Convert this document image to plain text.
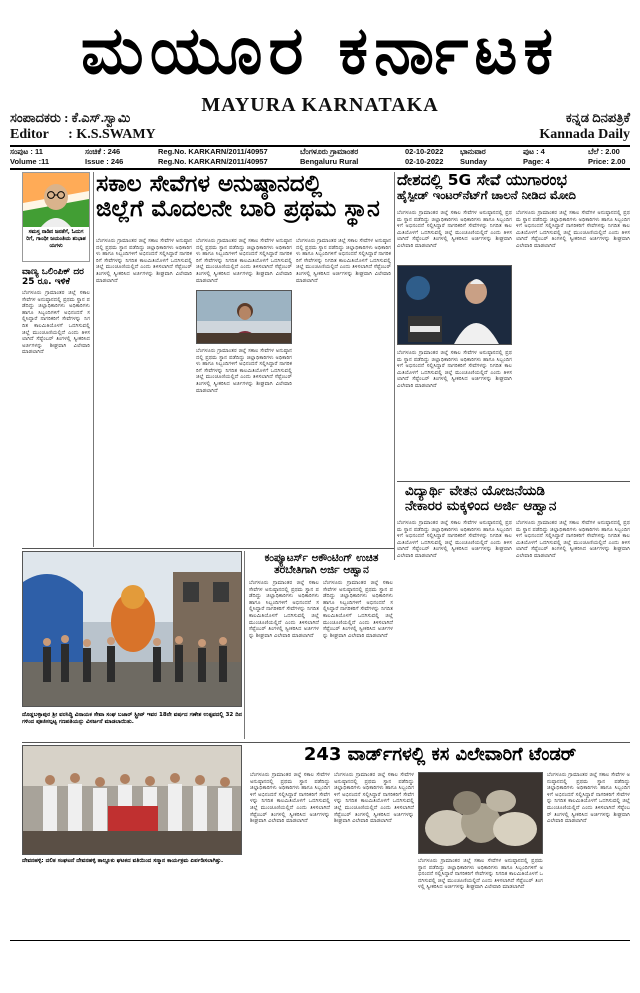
ಮಯೂರ ಕರ್ನಾಟಕ
MAYURA KARNATAKA
ಸಂಪಾದಕರು : ಕೆ.ಎಸ್.ಸ್ವಾಮಿ	ಕನ್ನಡ ದಿನಪತ್ರಿಕೆ
Editor : K.S.SWAMY	Kannada Daily
ಸಂಪುಟ : 11	ಸಂಚಿಕೆ : 246	Reg.No. KARKARN/2011/40957	ಬೆಂಗಳೂರು ಗ್ರಾಮಾಂತರ	02-10-2022 ಭಾನುವಾರ	ಪುಟ : 4	ಬೆಲೆ : 2.00
Volume :11	Issue : 246	Reg.No. KARKARN/2011/40957	Bengaluru Rural	02-10-2022 Sunday	Page: 4	Price: 2.00
ಸಮಸ್ತ ನಾಡಿನ ಜನತೆಗೆ, ಓದುಗರಿಗೆ, ಗಾಂಧೀ ಜಯಂತಿಯ ಶುಭಾಶಯಗಳು
ಸಕಾಲ ಸೇವೆಗಳ ಅನುಷ್ಠಾನದಲ್ಲಿ
ಜಿಲ್ಲೆಗೆ ಮೊದಲನೇ ಬಾರಿ ಪ್ರಥಮ ಸ್ಥಾನ
ದೇಶದಲ್ಲಿ 5G ಸೇವೆ ಯುಗಾರಂಭ
ಹೈಸ್ಪೀಡ್ ಇಂಟರ್‌ನೆಟ್‌ಗೆ ಚಾಲನೆ ನೀಡಿದ ಮೋದಿ
ವಾಣ್ಯ ಒಲಿಂಪಿಕ್ ದರ 25 ರೂ. ಇಳಿಕೆ
ಬೆಂಗಳೂರು ಗ್ರಾಮಾಂತರ ಜಿಲ್ಲೆ ಸಕಾಲ ಸೇವೆಗಳ ಅನುಷ್ಠಾನದಲ್ಲಿ ಪ್ರಥಮ ಸ್ಥಾನ ಪಡೆದಿದ್ದು ಜಿಲ್ಲಾಧಿಕಾರಿಗಳು ಅಧಿಕಾರಿಗಳು ಹಾಗೂ ಸಿಬ್ಬಂದಿಗಳಿಗೆ ಅಭಿನಂದನೆ ಸಲ್ಲಿಸಿದ್ದಾರೆ ನಾಗರಿಕರಿಗೆ ಸೇವೆಗಳನ್ನು ನಿಗದಿತ ಕಾಲಮಿತಿಯೊಳಗೆ ಒದಗಿಸುವಲ್ಲಿ ಜಿಲ್ಲೆ ಮುಂಚೂಣಿಯಲ್ಲಿದೆ ಎಂದು ತಿಳಿಸಲಾಗಿದೆ ಸೆಪ್ಟೆಂಬರ್ ತಿಂಗಳಲ್ಲಿ ಸ್ವೀಕರಿಸಿದ ಅರ್ಜಿಗಳನ್ನು ಶೀಘ್ರವಾಗಿ ವಿಲೇವಾರಿ ಮಾಡಲಾಗಿದೆ
ಬೆಂಗಳೂರು ಗ್ರಾಮಾಂತರ ಜಿಲ್ಲೆ ಸಕಾಲ ಸೇವೆಗಳ ಅನುಷ್ಠಾನದಲ್ಲಿ ಪ್ರಥಮ ಸ್ಥಾನ ಪಡೆದಿದ್ದು ಜಿಲ್ಲಾಧಿಕಾರಿಗಳು ಅಧಿಕಾರಿಗಳು ಹಾಗೂ ಸಿಬ್ಬಂದಿಗಳಿಗೆ ಅಭಿನಂದನೆ ಸಲ್ಲಿಸಿದ್ದಾರೆ ನಾಗರಿಕರಿಗೆ ಸೇವೆಗಳನ್ನು ನಿಗದಿತ ಕಾಲಮಿತಿಯೊಳಗೆ ಒದಗಿಸುವಲ್ಲಿ ಜಿಲ್ಲೆ ಮುಂಚೂಣಿಯಲ್ಲಿದೆ ಎಂದು ತಿಳಿಸಲಾಗಿದೆ ಸೆಪ್ಟೆಂಬರ್ ತಿಂಗಳಲ್ಲಿ ಸ್ವೀಕರಿಸಿದ ಅರ್ಜಿಗಳನ್ನು ಶೀಘ್ರವಾಗಿ ವಿಲೇವಾರಿ ಮಾಡಲಾಗಿದೆ
ಬೆಂಗಳೂರು ಗ್ರಾಮಾಂತರ ಜಿಲ್ಲೆ ಸಕಾಲ ಸೇವೆಗಳ ಅನುಷ್ಠಾನದಲ್ಲಿ ಪ್ರಥಮ ಸ್ಥಾನ ಪಡೆದಿದ್ದು ಜಿಲ್ಲಾಧಿಕಾರಿಗಳು ಅಧಿಕಾರಿಗಳು ಹಾಗೂ ಸಿಬ್ಬಂದಿಗಳಿಗೆ ಅಭಿನಂದನೆ ಸಲ್ಲಿಸಿದ್ದಾರೆ ನಾಗರಿಕರಿಗೆ ಸೇವೆಗಳನ್ನು ನಿಗದಿತ ಕಾಲಮಿತಿಯೊಳಗೆ ಒದಗಿಸುವಲ್ಲಿ ಜಿಲ್ಲೆ ಮುಂಚೂಣಿಯಲ್ಲಿದೆ ಎಂದು ತಿಳಿಸಲಾಗಿದೆ ಸೆಪ್ಟೆಂಬರ್ ತಿಂಗಳಲ್ಲಿ ಸ್ವೀಕರಿಸಿದ ಅರ್ಜಿಗಳನ್ನು ಶೀಘ್ರವಾಗಿ ವಿಲೇವಾರಿ ಮಾಡಲಾಗಿದೆ
ಬೆಂಗಳೂರು ಗ್ರಾಮಾಂತರ ಜಿಲ್ಲೆ ಸಕಾಲ ಸೇವೆಗಳ ಅನುಷ್ಠಾನದಲ್ಲಿ ಪ್ರಥಮ ಸ್ಥಾನ ಪಡೆದಿದ್ದು ಜಿಲ್ಲಾಧಿಕಾರಿಗಳು ಅಧಿಕಾರಿಗಳು ಹಾಗೂ ಸಿಬ್ಬಂದಿಗಳಿಗೆ ಅಭಿನಂದನೆ ಸಲ್ಲಿಸಿದ್ದಾರೆ ನಾಗರಿಕರಿಗೆ ಸೇವೆಗಳನ್ನು ನಿಗದಿತ ಕಾಲಮಿತಿಯೊಳಗೆ ಒದಗಿಸುವಲ್ಲಿ ಜಿಲ್ಲೆ ಮುಂಚೂಣಿಯಲ್ಲಿದೆ ಎಂದು ತಿಳಿಸಲಾಗಿದೆ ಸೆಪ್ಟೆಂಬರ್ ತಿಂಗಳಲ್ಲಿ ಸ್ವೀಕರಿಸಿದ ಅರ್ಜಿಗಳನ್ನು ಶೀಘ್ರವಾಗಿ ವಿಲೇವಾರಿ ಮಾಡಲಾಗಿದೆ
ಬೆಂಗಳೂರು ಗ್ರಾಮಾಂತರ ಜಿಲ್ಲೆ ಸಕಾಲ ಸೇವೆಗಳ ಅನುಷ್ಠಾನದಲ್ಲಿ ಪ್ರಥಮ ಸ್ಥಾನ ಪಡೆದಿದ್ದು ಜಿಲ್ಲಾಧಿಕಾರಿಗಳು ಅಧಿಕಾರಿಗಳು ಹಾಗೂ ಸಿಬ್ಬಂದಿಗಳಿಗೆ ಅಭಿನಂದನೆ ಸಲ್ಲಿಸಿದ್ದಾರೆ ನಾಗರಿಕರಿಗೆ ಸೇವೆಗಳನ್ನು ನಿಗದಿತ ಕಾಲಮಿತಿಯೊಳಗೆ ಒದಗಿಸುವಲ್ಲಿ ಜಿಲ್ಲೆ ಮುಂಚೂಣಿಯಲ್ಲಿದೆ ಎಂದು ತಿಳಿಸಲಾಗಿದೆ ಸೆಪ್ಟೆಂಬರ್ ತಿಂಗಳಲ್ಲಿ ಸ್ವೀಕರಿಸಿದ ಅರ್ಜಿಗಳನ್ನು ಶೀಘ್ರವಾಗಿ ವಿಲೇವಾರಿ ಮಾಡಲಾಗಿದೆ
ಬೆಂಗಳೂರು ಗ್ರಾಮಾಂತರ ಜಿಲ್ಲೆ ಸಕಾಲ ಸೇವೆಗಳ ಅನುಷ್ಠಾನದಲ್ಲಿ ಪ್ರಥಮ ಸ್ಥಾನ ಪಡೆದಿದ್ದು ಜಿಲ್ಲಾಧಿಕಾರಿಗಳು ಅಧಿಕಾರಿಗಳು ಹಾಗೂ ಸಿಬ್ಬಂದಿಗಳಿಗೆ ಅಭಿನಂದನೆ ಸಲ್ಲಿಸಿದ್ದಾರೆ ನಾಗರಿಕರಿಗೆ ಸೇವೆಗಳನ್ನು ನಿಗದಿತ ಕಾಲಮಿತಿಯೊಳಗೆ ಒದಗಿಸುವಲ್ಲಿ ಜಿಲ್ಲೆ ಮುಂಚೂಣಿಯಲ್ಲಿದೆ ಎಂದು ತಿಳಿಸಲಾಗಿದೆ ಸೆಪ್ಟೆಂಬರ್ ತಿಂಗಳಲ್ಲಿ ಸ್ವೀಕರಿಸಿದ ಅರ್ಜಿಗಳನ್ನು ಶೀಘ್ರವಾಗಿ ವಿಲೇವಾರಿ ಮಾಡಲಾಗಿದೆ
ಬೆಂಗಳೂರು ಗ್ರಾಮಾಂತರ ಜಿಲ್ಲೆ ಸಕಾಲ ಸೇವೆಗಳ ಅನುಷ್ಠಾನದಲ್ಲಿ ಪ್ರಥಮ ಸ್ಥಾನ ಪಡೆದಿದ್ದು ಜಿಲ್ಲಾಧಿಕಾರಿಗಳು ಅಧಿಕಾರಿಗಳು ಹಾಗೂ ಸಿಬ್ಬಂದಿಗಳಿಗೆ ಅಭಿನಂದನೆ ಸಲ್ಲಿಸಿದ್ದಾರೆ ನಾಗರಿಕರಿಗೆ ಸೇವೆಗಳನ್ನು ನಿಗದಿತ ಕಾಲಮಿತಿಯೊಳಗೆ ಒದಗಿಸುವಲ್ಲಿ ಜಿಲ್ಲೆ ಮುಂಚೂಣಿಯಲ್ಲಿದೆ ಎಂದು ತಿಳಿಸಲಾಗಿದೆ ಸೆಪ್ಟೆಂಬರ್ ತಿಂಗಳಲ್ಲಿ ಸ್ವೀಕರಿಸಿದ ಅರ್ಜಿಗಳನ್ನು ಶೀಘ್ರವಾಗಿ ವಿಲೇವಾರಿ ಮಾಡಲಾಗಿದೆ
ಬೆಂಗಳೂರು ಗ್ರಾಮಾಂತರ ಜಿಲ್ಲೆ ಸಕಾಲ ಸೇವೆಗಳ ಅನುಷ್ಠಾನದಲ್ಲಿ ಪ್ರಥಮ ಸ್ಥಾನ ಪಡೆದಿದ್ದು ಜಿಲ್ಲಾಧಿಕಾರಿಗಳು ಅಧಿಕಾರಿಗಳು ಹಾಗೂ ಸಿಬ್ಬಂದಿಗಳಿಗೆ ಅಭಿನಂದನೆ ಸಲ್ಲಿಸಿದ್ದಾರೆ ನಾಗರಿಕರಿಗೆ ಸೇವೆಗಳನ್ನು ನಿಗದಿತ ಕಾಲಮಿತಿಯೊಳಗೆ ಒದಗಿಸುವಲ್ಲಿ ಜಿಲ್ಲೆ ಮುಂಚೂಣಿಯಲ್ಲಿದೆ ಎಂದು ತಿಳಿಸಲಾಗಿದೆ ಸೆಪ್ಟೆಂಬರ್ ತಿಂಗಳಲ್ಲಿ ಸ್ವೀಕರಿಸಿದ ಅರ್ಜಿಗಳನ್ನು ಶೀಘ್ರವಾಗಿ ವಿಲೇವಾರಿ ಮಾಡಲಾಗಿದೆ
ವಿದ್ಯಾರ್ಥಿ ವೇತನ ಯೋಜನೆಯಡಿ
ನೇಕಾರರ ಮಕ್ಕಳಿಂದ ಅರ್ಜಿ ಆಹ್ವಾನ
ಬೆಂಗಳೂರು ಗ್ರಾಮಾಂತರ ಜಿಲ್ಲೆ ಸಕಾಲ ಸೇವೆಗಳ ಅನುಷ್ಠಾನದಲ್ಲಿ ಪ್ರಥಮ ಸ್ಥಾನ ಪಡೆದಿದ್ದು ಜಿಲ್ಲಾಧಿಕಾರಿಗಳು ಅಧಿಕಾರಿಗಳು ಹಾಗೂ ಸಿಬ್ಬಂದಿಗಳಿಗೆ ಅಭಿನಂದನೆ ಸಲ್ಲಿಸಿದ್ದಾರೆ ನಾಗರಿಕರಿಗೆ ಸೇವೆಗಳನ್ನು ನಿಗದಿತ ಕಾಲಮಿತಿಯೊಳಗೆ ಒದಗಿಸುವಲ್ಲಿ ಜಿಲ್ಲೆ ಮುಂಚೂಣಿಯಲ್ಲಿದೆ ಎಂದು ತಿಳಿಸಲಾಗಿದೆ ಸೆಪ್ಟೆಂಬರ್ ತಿಂಗಳಲ್ಲಿ ಸ್ವೀಕರಿಸಿದ ಅರ್ಜಿಗಳನ್ನು ಶೀಘ್ರವಾಗಿ ವಿಲೇವಾರಿ ಮಾಡಲಾಗಿದೆ
ಬೆಂಗಳೂರು ಗ್ರಾಮಾಂತರ ಜಿಲ್ಲೆ ಸಕಾಲ ಸೇವೆಗಳ ಅನುಷ್ಠಾನದಲ್ಲಿ ಪ್ರಥಮ ಸ್ಥಾನ ಪಡೆದಿದ್ದು ಜಿಲ್ಲಾಧಿಕಾರಿಗಳು ಅಧಿಕಾರಿಗಳು ಹಾಗೂ ಸಿಬ್ಬಂದಿಗಳಿಗೆ ಅಭಿನಂದನೆ ಸಲ್ಲಿಸಿದ್ದಾರೆ ನಾಗರಿಕರಿಗೆ ಸೇವೆಗಳನ್ನು ನಿಗದಿತ ಕಾಲಮಿತಿಯೊಳಗೆ ಒದಗಿಸುವಲ್ಲಿ ಜಿಲ್ಲೆ ಮುಂಚೂಣಿಯಲ್ಲಿದೆ ಎಂದು ತಿಳಿಸಲಾಗಿದೆ ಸೆಪ್ಟೆಂಬರ್ ತಿಂಗಳಲ್ಲಿ ಸ್ವೀಕರಿಸಿದ ಅರ್ಜಿಗಳನ್ನು ಶೀಘ್ರವಾಗಿ ವಿಲೇವಾರಿ ಮಾಡಲಾಗಿದೆ
ಕಂಪ್ಯೂಟರ್ಸ್ ಅಕೌಂಟಿಂಗ್ ಉಚಿತ
ತರಬೇತಿಗಾಗಿ ಅರ್ಜಿ ಆಹ್ವಾನ
ಬೆಂಗಳೂರು ಗ್ರಾಮಾಂತರ ಜಿಲ್ಲೆ ಸಕಾಲ ಸೇವೆಗಳ ಅನುಷ್ಠಾನದಲ್ಲಿ ಪ್ರಥಮ ಸ್ಥಾನ ಪಡೆದಿದ್ದು ಜಿಲ್ಲಾಧಿಕಾರಿಗಳು ಅಧಿಕಾರಿಗಳು ಹಾಗೂ ಸಿಬ್ಬಂದಿಗಳಿಗೆ ಅಭಿನಂದನೆ ಸಲ್ಲಿಸಿದ್ದಾರೆ ನಾಗರಿಕರಿಗೆ ಸೇವೆಗಳನ್ನು ನಿಗದಿತ ಕಾಲಮಿತಿಯೊಳಗೆ ಒದಗಿಸುವಲ್ಲಿ ಜಿಲ್ಲೆ ಮುಂಚೂಣಿಯಲ್ಲಿದೆ ಎಂದು ತಿಳಿಸಲಾಗಿದೆ ಸೆಪ್ಟೆಂಬರ್ ತಿಂಗಳಲ್ಲಿ ಸ್ವೀಕರಿಸಿದ ಅರ್ಜಿಗಳನ್ನು ಶೀಘ್ರವಾಗಿ ವಿಲೇವಾರಿ ಮಾಡಲಾಗಿದೆ
ಬೆಂಗಳೂರು ಗ್ರಾಮಾಂತರ ಜಿಲ್ಲೆ ಸಕಾಲ ಸೇವೆಗಳ ಅನುಷ್ಠಾನದಲ್ಲಿ ಪ್ರಥಮ ಸ್ಥಾನ ಪಡೆದಿದ್ದು ಜಿಲ್ಲಾಧಿಕಾರಿಗಳು ಅಧಿಕಾರಿಗಳು ಹಾಗೂ ಸಿಬ್ಬಂದಿಗಳಿಗೆ ಅಭಿನಂದನೆ ಸಲ್ಲಿಸಿದ್ದಾರೆ ನಾಗರಿಕರಿಗೆ ಸೇವೆಗಳನ್ನು ನಿಗದಿತ ಕಾಲಮಿತಿಯೊಳಗೆ ಒದಗಿಸುವಲ್ಲಿ ಜಿಲ್ಲೆ ಮುಂಚೂಣಿಯಲ್ಲಿದೆ ಎಂದು ತಿಳಿಸಲಾಗಿದೆ ಸೆಪ್ಟೆಂಬರ್ ತಿಂಗಳಲ್ಲಿ ಸ್ವೀಕರಿಸಿದ ಅರ್ಜಿಗಳನ್ನು ಶೀಘ್ರವಾಗಿ ವಿಲೇವಾರಿ ಮಾಡಲಾಗಿದೆ
ದೊಡ್ಡಬಳ್ಳಾಪುರ ಶ್ರೀ ವರಸಿದ್ಧಿ ವಿನಾಯಕ ಸೇವಾ ಸಂಘ ಬಜಾರ್ ಸ್ಟ್ರೀಟ್ ಇವರ 18ನೇ ವರ್ಷದ ಗಣೇಶ ಉತ್ಸವದಲ್ಲಿ 32 ದಿನಗಳಿಂದ ಪೂಜಿಸಲ್ಪಟ್ಟ ಗಣಪತಿಯನ್ನು ವಿಸರ್ಜನೆ ಮಾಡಲಾಯಿತು.
243 ವಾರ್ಡ್‌ಗಳಲ್ಲಿ ಕಸ ವಿಲೇವಾರಿಗೆ ಟೆಂಡರ್
ದೇವನಹಳ್ಳಿ: ದಲಿತ ಸಂಘಟನೆ ದೇವನಹಳ್ಳಿ ತಾಲ್ಲೂಕು ಘಟಕದ ವತಿಯಿಂದ ಸನ್ಮಾನ ಕಾರ್ಯಕ್ರಮ ಏರ್ಪಡಿಸಲಾಗಿತ್ತು.
ಬೆಂಗಳೂರು ಗ್ರಾಮಾಂತರ ಜಿಲ್ಲೆ ಸಕಾಲ ಸೇವೆಗಳ ಅನುಷ್ಠಾನದಲ್ಲಿ ಪ್ರಥಮ ಸ್ಥಾನ ಪಡೆದಿದ್ದು ಜಿಲ್ಲಾಧಿಕಾರಿಗಳು ಅಧಿಕಾರಿಗಳು ಹಾಗೂ ಸಿಬ್ಬಂದಿಗಳಿಗೆ ಅಭಿನಂದನೆ ಸಲ್ಲಿಸಿದ್ದಾರೆ ನಾಗರಿಕರಿಗೆ ಸೇವೆಗಳನ್ನು ನಿಗದಿತ ಕಾಲಮಿತಿಯೊಳಗೆ ಒದಗಿಸುವಲ್ಲಿ ಜಿಲ್ಲೆ ಮುಂಚೂಣಿಯಲ್ಲಿದೆ ಎಂದು ತಿಳಿಸಲಾಗಿದೆ ಸೆಪ್ಟೆಂಬರ್ ತಿಂಗಳಲ್ಲಿ ಸ್ವೀಕರಿಸಿದ ಅರ್ಜಿಗಳನ್ನು ಶೀಘ್ರವಾಗಿ ವಿಲೇವಾರಿ ಮಾಡಲಾಗಿದೆ
ಬೆಂಗಳೂರು ಗ್ರಾಮಾಂತರ ಜಿಲ್ಲೆ ಸಕಾಲ ಸೇವೆಗಳ ಅನುಷ್ಠಾನದಲ್ಲಿ ಪ್ರಥಮ ಸ್ಥಾನ ಪಡೆದಿದ್ದು ಜಿಲ್ಲಾಧಿಕಾರಿಗಳು ಅಧಿಕಾರಿಗಳು ಹಾಗೂ ಸಿಬ್ಬಂದಿಗಳಿಗೆ ಅಭಿನಂದನೆ ಸಲ್ಲಿಸಿದ್ದಾರೆ ನಾಗರಿಕರಿಗೆ ಸೇವೆಗಳನ್ನು ನಿಗದಿತ ಕಾಲಮಿತಿಯೊಳಗೆ ಒದಗಿಸುವಲ್ಲಿ ಜಿಲ್ಲೆ ಮುಂಚೂಣಿಯಲ್ಲಿದೆ ಎಂದು ತಿಳಿಸಲಾಗಿದೆ ಸೆಪ್ಟೆಂಬರ್ ತಿಂಗಳಲ್ಲಿ ಸ್ವೀಕರಿಸಿದ ಅರ್ಜಿಗಳನ್ನು ಶೀಘ್ರವಾಗಿ ವಿಲೇವಾರಿ ಮಾಡಲಾಗಿದೆ
ಬೆಂಗಳೂರು ಗ್ರಾಮಾಂತರ ಜಿಲ್ಲೆ ಸಕಾಲ ಸೇವೆಗಳ ಅನುಷ್ಠಾನದಲ್ಲಿ ಪ್ರಥಮ ಸ್ಥಾನ ಪಡೆದಿದ್ದು ಜಿಲ್ಲಾಧಿಕಾರಿಗಳು ಅಧಿಕಾರಿಗಳು ಹಾಗೂ ಸಿಬ್ಬಂದಿಗಳಿಗೆ ಅಭಿನಂದನೆ ಸಲ್ಲಿಸಿದ್ದಾರೆ ನಾಗರಿಕರಿಗೆ ಸೇವೆಗಳನ್ನು ನಿಗದಿತ ಕಾಲಮಿತಿಯೊಳಗೆ ಒದಗಿಸುವಲ್ಲಿ ಜಿಲ್ಲೆ ಮುಂಚೂಣಿಯಲ್ಲಿದೆ ಎಂದು ತಿಳಿಸಲಾಗಿದೆ ಸೆಪ್ಟೆಂಬರ್ ತಿಂಗಳಲ್ಲಿ ಸ್ವೀಕರಿಸಿದ ಅರ್ಜಿಗಳನ್ನು ಶೀಘ್ರವಾಗಿ ವಿಲೇವಾರಿ ಮಾಡಲಾಗಿದೆ
ಬೆಂಗಳೂರು ಗ್ರಾಮಾಂತರ ಜಿಲ್ಲೆ ಸಕಾಲ ಸೇವೆಗಳ ಅನುಷ್ಠಾನದಲ್ಲಿ ಪ್ರಥಮ ಸ್ಥಾನ ಪಡೆದಿದ್ದು ಜಿಲ್ಲಾಧಿಕಾರಿಗಳು ಅಧಿಕಾರಿಗಳು ಹಾಗೂ ಸಿಬ್ಬಂದಿಗಳಿಗೆ ಅಭಿನಂದನೆ ಸಲ್ಲಿಸಿದ್ದಾರೆ ನಾಗರಿಕರಿಗೆ ಸೇವೆಗಳನ್ನು ನಿಗದಿತ ಕಾಲಮಿತಿಯೊಳಗೆ ಒದಗಿಸುವಲ್ಲಿ ಜಿಲ್ಲೆ ಮುಂಚೂಣಿಯಲ್ಲಿದೆ ಎಂದು ತಿಳಿಸಲಾಗಿದೆ ಸೆಪ್ಟೆಂಬರ್ ತಿಂಗಳಲ್ಲಿ ಸ್ವೀಕರಿಸಿದ ಅರ್ಜಿಗಳನ್ನು ಶೀಘ್ರವಾಗಿ ವಿಲೇವಾರಿ ಮಾಡಲಾಗಿದೆ
